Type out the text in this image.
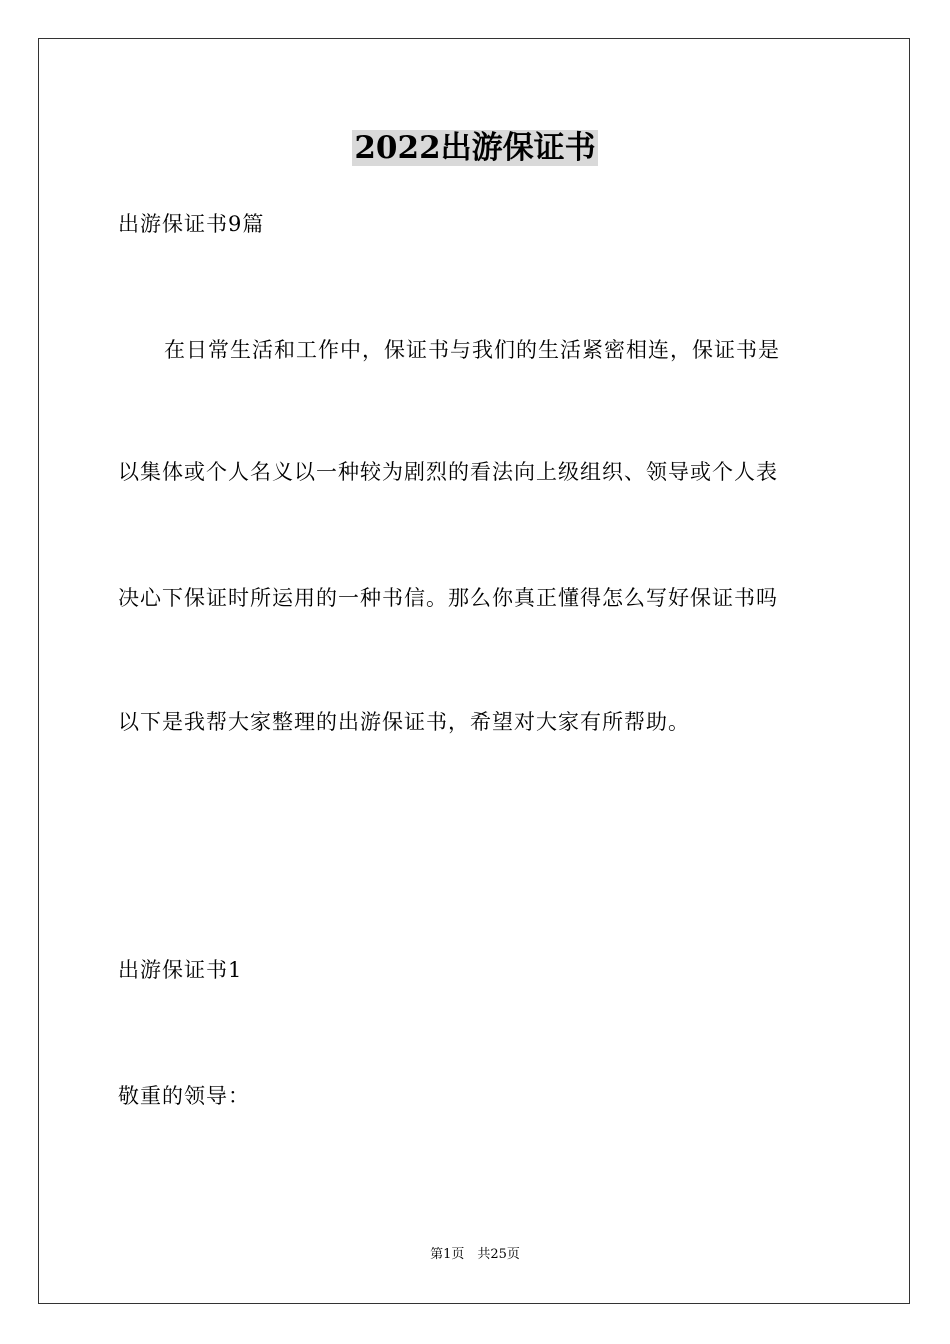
2022出游保证书
出游保证书9篇
在日常生活和工作中，保证书与我们的生活紧密相连，保证书是
以集体或个人名义以一种较为剧烈的看法向上级组织、领导或个人表
决心下保证时所运用的一种书信。那么你真正懂得怎么写好保证书吗
以下是我帮大家整理的出游保证书，希望对大家有所帮助。
出游保证书1
敬重的领导：
第1页　共25页
